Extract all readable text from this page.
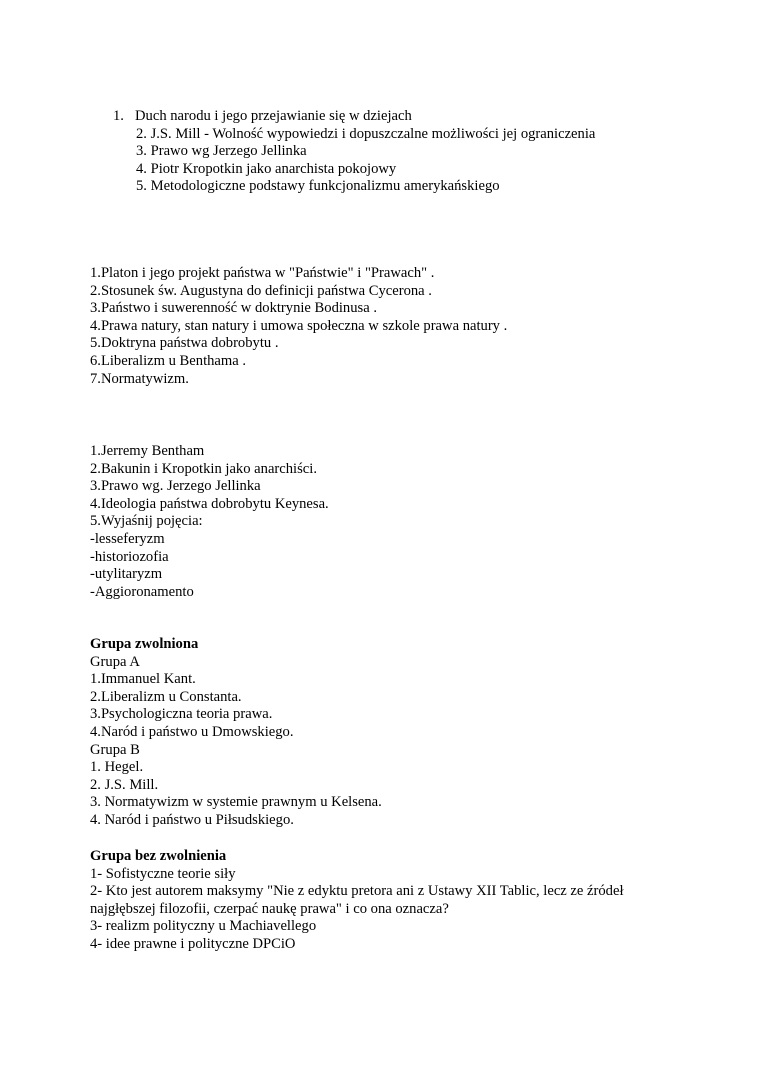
1. Duch narodu i jego przejawianie się w dziejach
2. J.S. Mill - Wolność wypowiedzi i dopuszczalne możliwości jej ograniczenia
3. Prawo wg Jerzego Jellinka
4. Piotr Kropotkin jako anarchista pokojowy
5. Metodologiczne podstawy funkcjonalizmu amerykańskiego
1.Platon i jego projekt państwa w "Państwie" i "Prawach" .
2.Stosunek św. Augustyna do definicji państwa Cycerona .
3.Państwo i suwerenność w doktrynie Bodinusa .
4.Prawa natury, stan natury i umowa społeczna w szkole prawa natury .
5.Doktryna państwa dobrobytu .
6.Liberalizm u Benthama .
7.Normatywizm.
1.Jerremy Bentham
2.Bakunin i Kropotkin jako anarchiści.
3.Prawo wg. Jerzego Jellinka
4.Ideologia państwa dobrobytu Keynesa.
5.Wyjaśnij pojęcia:
-lesseferyzm
-historiozofia
-utylitaryzm
-Aggioronamento
Grupa zwolniona
Grupa A
1.Immanuel Kant.
2.Liberalizm u Constanta.
3.Psychologiczna teoria prawa.
4.Naród i państwo u Dmowskiego.
Grupa B
1. Hegel.
2. J.S. Mill.
3. Normatywizm w systemie prawnym u Kelsena.
4. Naród i państwo u Piłsudskiego.
Grupa bez zwolnienia
1- Sofistyczne teorie siły
2- Kto jest autorem maksymy "Nie z edyktu pretora ani z Ustawy XII Tablic, lecz ze źródeł najgłębszej filozofii, czerpać naukę prawa" i co ona oznacza?
3- realizm polityczny u Machiavellego
4- idee prawne i polityczne DPCiO
